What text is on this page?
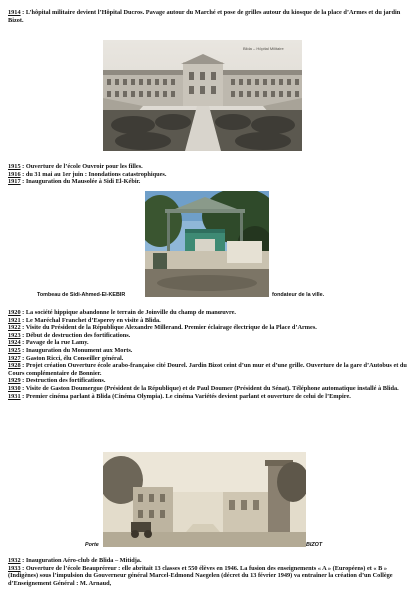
1914 : L’hôpital militaire devient l’Hôpital Ducros. Pavage autour du Marché et pose de grilles autour du kiosque de la place d’Armes et du jardin Bizot.
Blida – Hôpital Militaire
1915 : Ouverture de l’école Ouvroir pour les filles.
1916 : du 31 mai au 1er juin : Inondations catastrophiques.
1917 : Inauguration du Mausolée à Sidi El-Kébir.
Tombeau de Sidi-Ahmed-El-KEBIR	fondateur de la ville.
1920 : La société hippique abandonne le terrain de Joinville du champ de manœuvre.
1921 : Le Maréchal Franchet d’Esperey en visite à Blida.
1922 : Visite du Président de la République Alexandre Millerand. Premier éclairage électrique de la Place d’Armes.
1923 : Début de destruction des fortifications.
1924 : Pavage de la rue Lamy.
1925 : Inauguration du Monument aux Morts.
1927 : Gaston Ricci, élu Conseiller général.
1928 : Projet création Ouverture école arabo-française cité Dourel. Jardin Bizot ceint d’un mur et d’une grille. Ouverture de la gare d’Autobus et du Cours complémentaire de Bonnier.
1929 : Destruction des fortifications.
1930 : Visite de Gaston Doumergue (Président de la République) et de Paul Doumer (Président du Sénat). Téléphone automatique installé à Blida.
1931 : Premier cinéma parlant à Blida (Cinéma Olympia). Le cinéma Variétés devient parlant et ouverture de celui de l’Empire.
Porte	BIZOT
1932 : Inauguration Aéro-club de Blida – Mitidja.
1933 : Ouverture de l’école Beaupréreur : elle abritait 13 classes et 550 élèves en 1946. La fusion des enseignements « A » (Européens) et « B » (Indigènes) sous l’impulsion du Gouverneur général Marcel-Edmond Naegelen (décret du 13 février 1949) va entraîner la création d’un Collège d’Enseignement Général : M. Arnaud,
